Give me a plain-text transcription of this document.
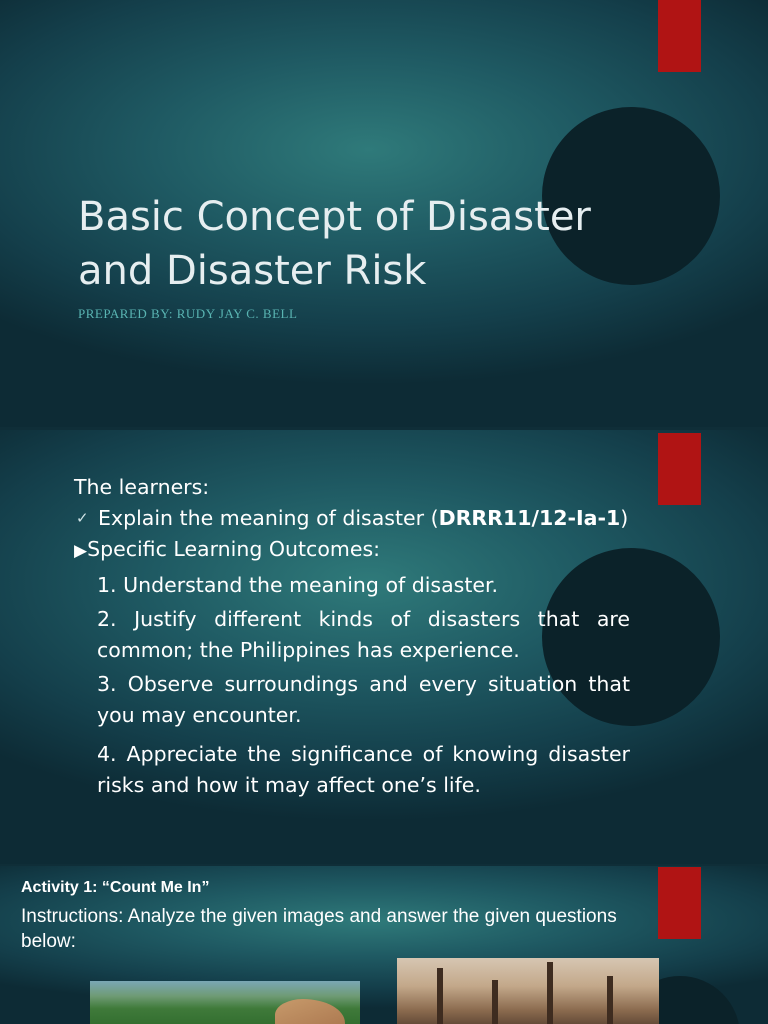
Basic Concept of Disaster
and Disaster Risk
PREPARED BY: RUDY JAY C. BELL
The learners:
✓ Explain the meaning of disaster (DRRR11/12-Ia-1)
▶Specific Learning Outcomes:
1. Understand the meaning of disaster.
2. Justify different kinds of disasters that are common; the Philippines has experience.
3. Observe surroundings and every situation that you may encounter.
4. Appreciate the significance of knowing disaster risks and how it may affect one’s life.
Activity 1: “Count Me In”
Instructions: Analyze the given images and answer the given questions below:
